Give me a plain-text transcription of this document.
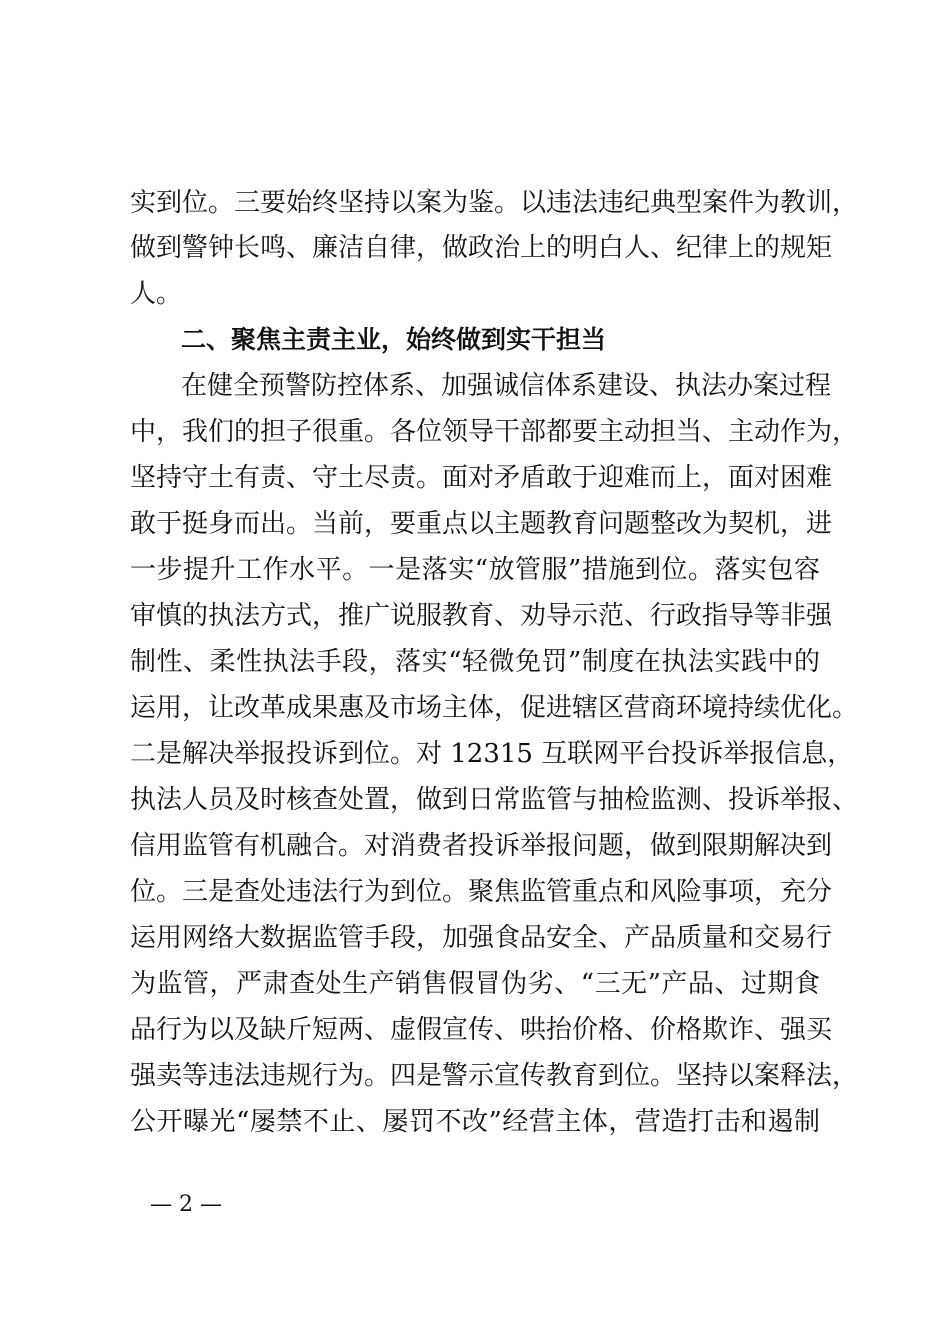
实到位。三要始终坚持以案为鉴。以违法违纪典型案件为教训，
做到警钟长鸣、廉洁自律，做政治上的明白人、纪律上的规矩
人。
二、聚焦主责主业，始终做到实干担当
在健全预警防控体系、加强诚信体系建设、执法办案过程
中，我们的担子很重。各位领导干部都要主动担当、主动作为，
坚持守土有责、守土尽责。面对矛盾敢于迎难而上，面对困难
敢于挺身而出。当前，要重点以主题教育问题整改为契机，进
一步提升工作水平。一是落实“放管服”措施到位。落实包容
审慎的执法方式，推广说服教育、劝导示范、行政指导等非强
制性、柔性执法手段，落实“轻微免罚”制度在执法实践中的
运用，让改革成果惠及市场主体，促进辖区营商环境持续优化。
二是解决举报投诉到位。对 12315 互联网平台投诉举报信息，
执法人员及时核查处置，做到日常监管与抽检监测、投诉举报、
信用监管有机融合。对消费者投诉举报问题，做到限期解决到
位。三是查处违法行为到位。聚焦监管重点和风险事项，充分
运用网络大数据监管手段，加强食品安全、产品质量和交易行
为监管，严肃查处生产销售假冒伪劣、“三无”产品、过期食
品行为以及缺斤短两、虚假宣传、哄抬价格、价格欺诈、强买
强卖等违法违规行为。四是警示宣传教育到位。坚持以案释法，
公开曝光“屡禁不止、屡罚不改”经营主体，营造打击和遏制
— 2 —
